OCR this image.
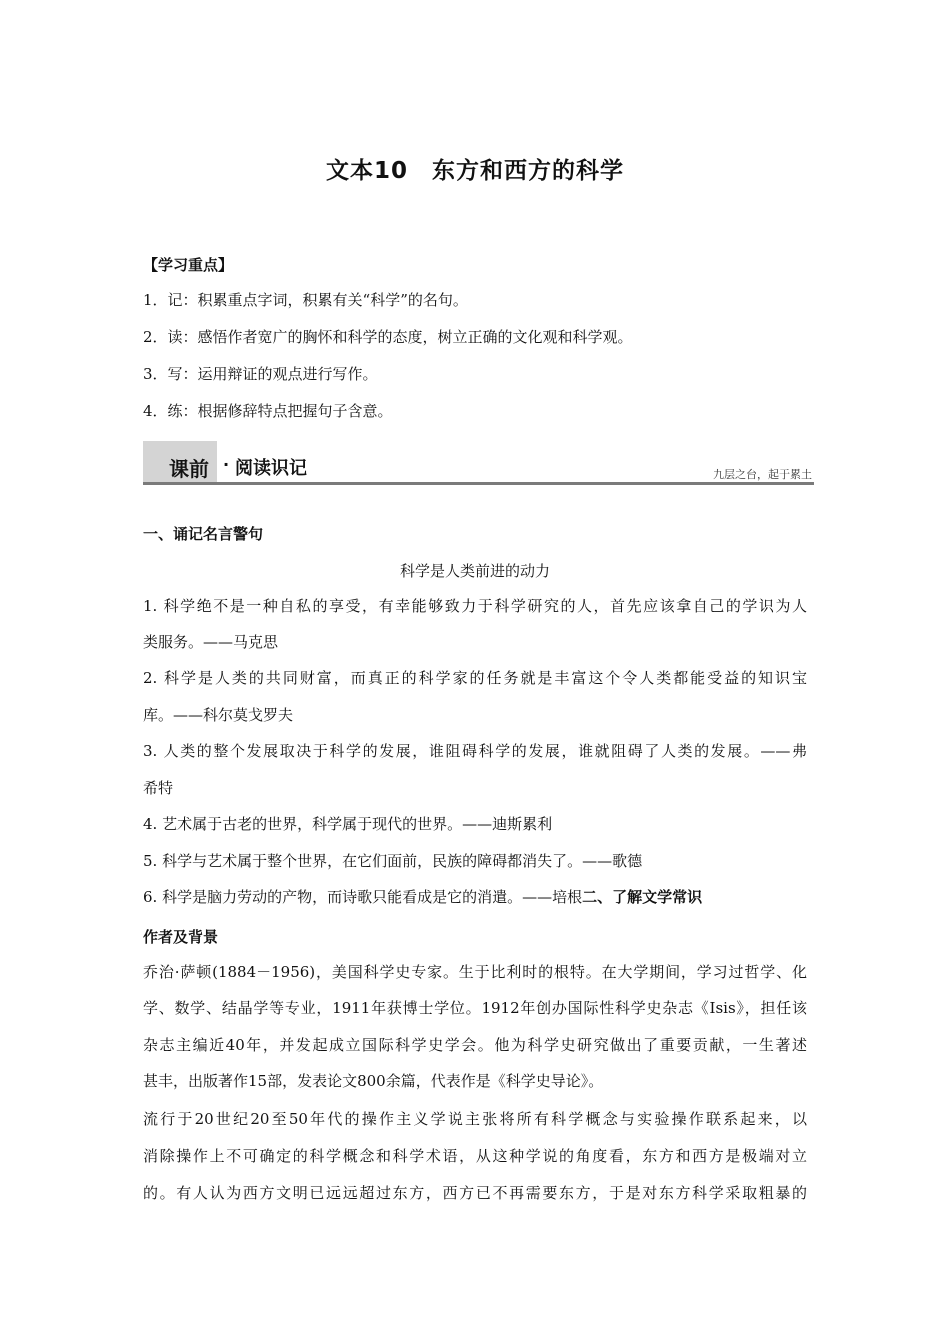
文本10　东方和西方的科学
【学习重点】
1．记：积累重点字词，积累有关“科学”的名句。
2．读：感悟作者宽广的胸怀和科学的态度，树立正确的文化观和科学观。
3．写：运用辩证的观点进行写作。
4．练：根据修辞特点把握句子含意。
课前 · 阅读识记	九层之台，起于累土
一、诵记名言警句
科学是人类前进的动力
1. 科学绝不是一种自私的享受，有幸能够致力于科学研究的人，首先应该拿自己的学识为人
类服务。——马克思
2. 科学是人类的共同财富，而真正的科学家的任务就是丰富这个令人类都能受益的知识宝
库。——科尔莫戈罗夫
3. 人类的整个发展取决于科学的发展，谁阻碍科学的发展，谁就阻碍了人类的发展。——弗
希特
4. 艺术属于古老的世界，科学属于现代的世界。——迪斯累利
5. 科学与艺术属于整个世界，在它们面前，民族的障碍都消失了。——歌德
6. 科学是脑力劳动的产物，而诗歌只能看成是它的消遣。——培根二、了解文学常识
作者及背景
乔治·萨顿(1884－1956)，美国科学史专家。生于比利时的根特。在大学期间，学习过哲学、化
学、数学、结晶学等专业，1911年获博士学位。1912年创办国际性科学史杂志《Isis》，担任该
杂志主编近40年，并发起成立国际科学史学会。他为科学史研究做出了重要贡献，一生著述
甚丰，出版著作15部，发表论文800余篇，代表作是《科学史导论》。
流行于20世纪20至50年代的操作主义学说主张将所有科学概念与实验操作联系起来，以
消除操作上不可确定的科学概念和科学术语，从这种学说的角度看，东方和西方是极端对立
的。有人认为西方文明已远远超过东方，西方已不再需要东方，于是对东方科学采取粗暴的
